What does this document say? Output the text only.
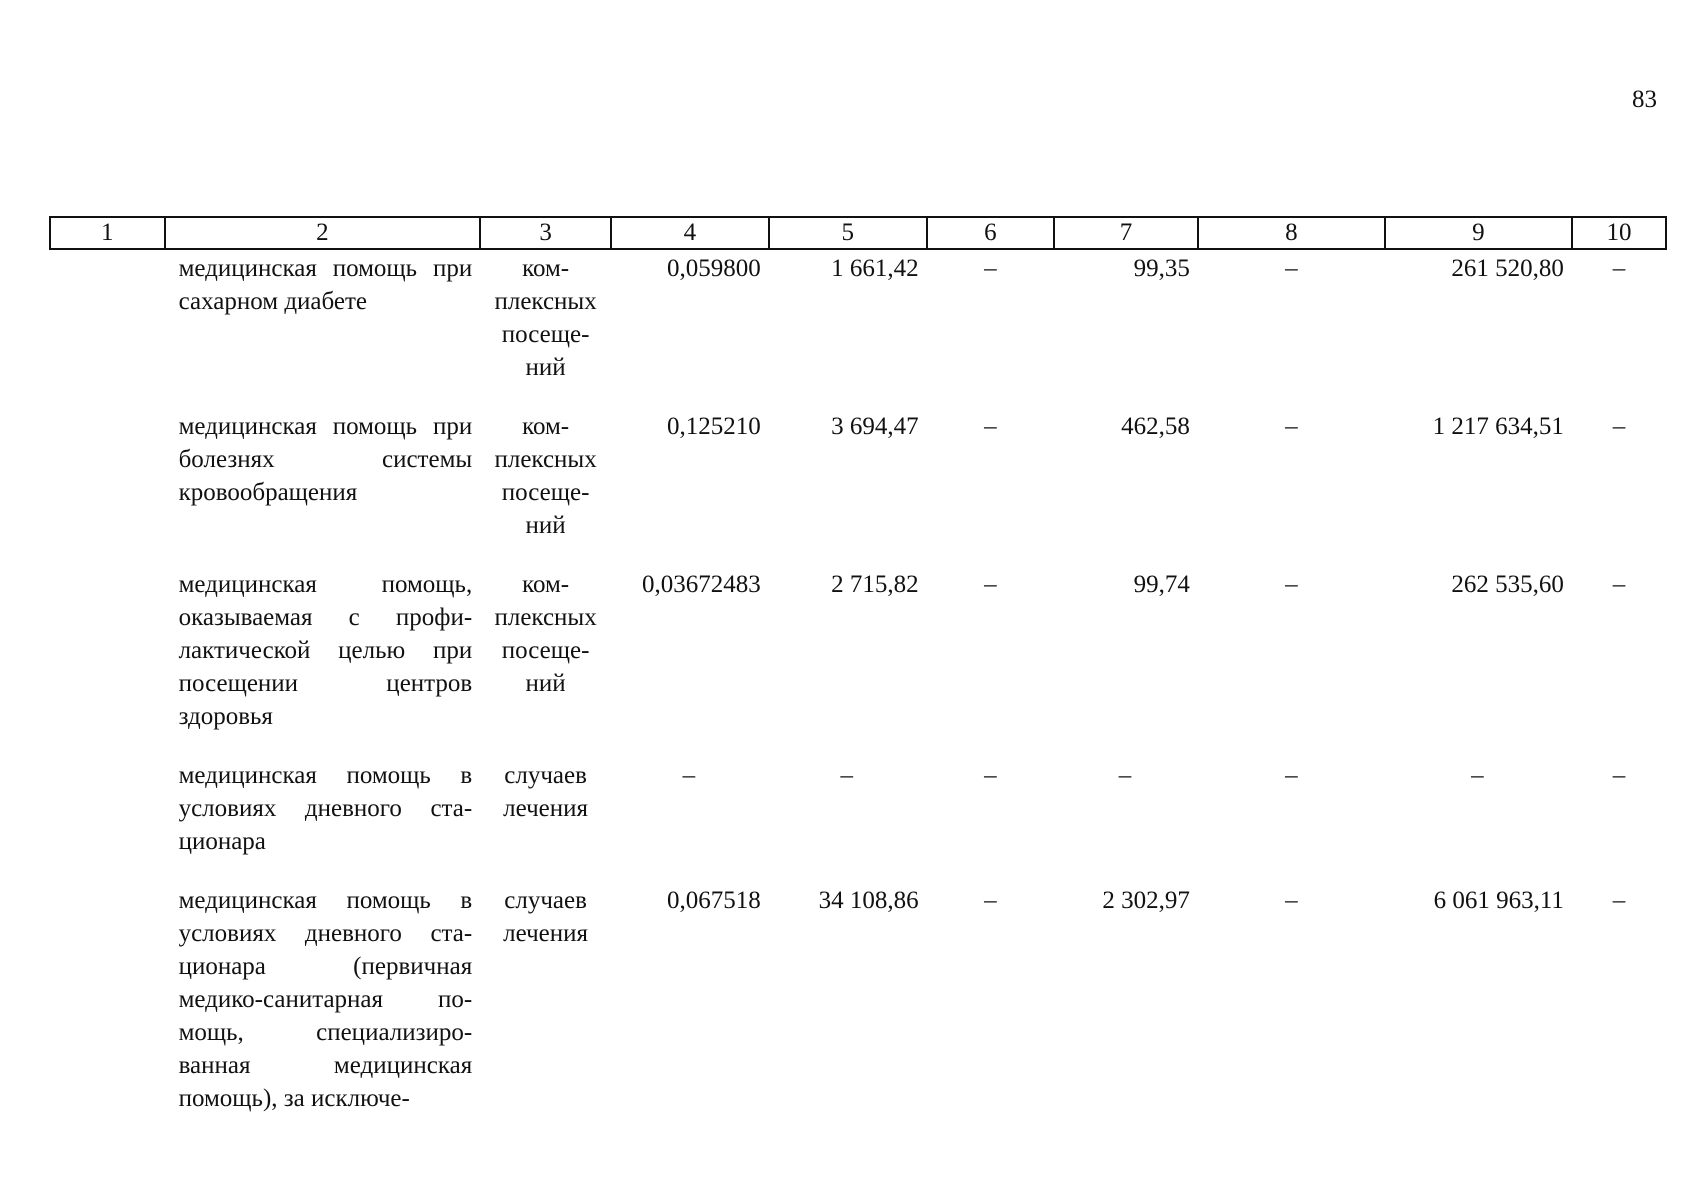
83
1	2	3	4	5	6	7	8	9	10
	медицинская помощь при сахарном диабете	ком-
плексных
посеще-
ний	0,059800	1 661,42	–	99,35	–	261 520,80	–
	медицинская помощь при болезнях системы кровообращения	ком-
плексных
посеще-
ний	0,125210	3 694,47	–	462,58	–	1 217 634,51	–
	медицинская помощь, оказываемая с профи-лактической целью при посещении центров здоровья	ком-
плексных
посеще-
ний	0,03672483	2 715,82	–	99,74	–	262 535,60	–
	медицинская помощь в условиях дневного ста-ционара	случаев
лечения	–	–	–	–	–	–	–
	медицинская помощь в условиях дневного ста-ционара (первичная медико-санитарная по-мощь, специализиро-ванная медицинская помощь), за исключе-	случаев
лечения	0,067518	34 108,86	–	2 302,97	–	6 061 963,11	–
